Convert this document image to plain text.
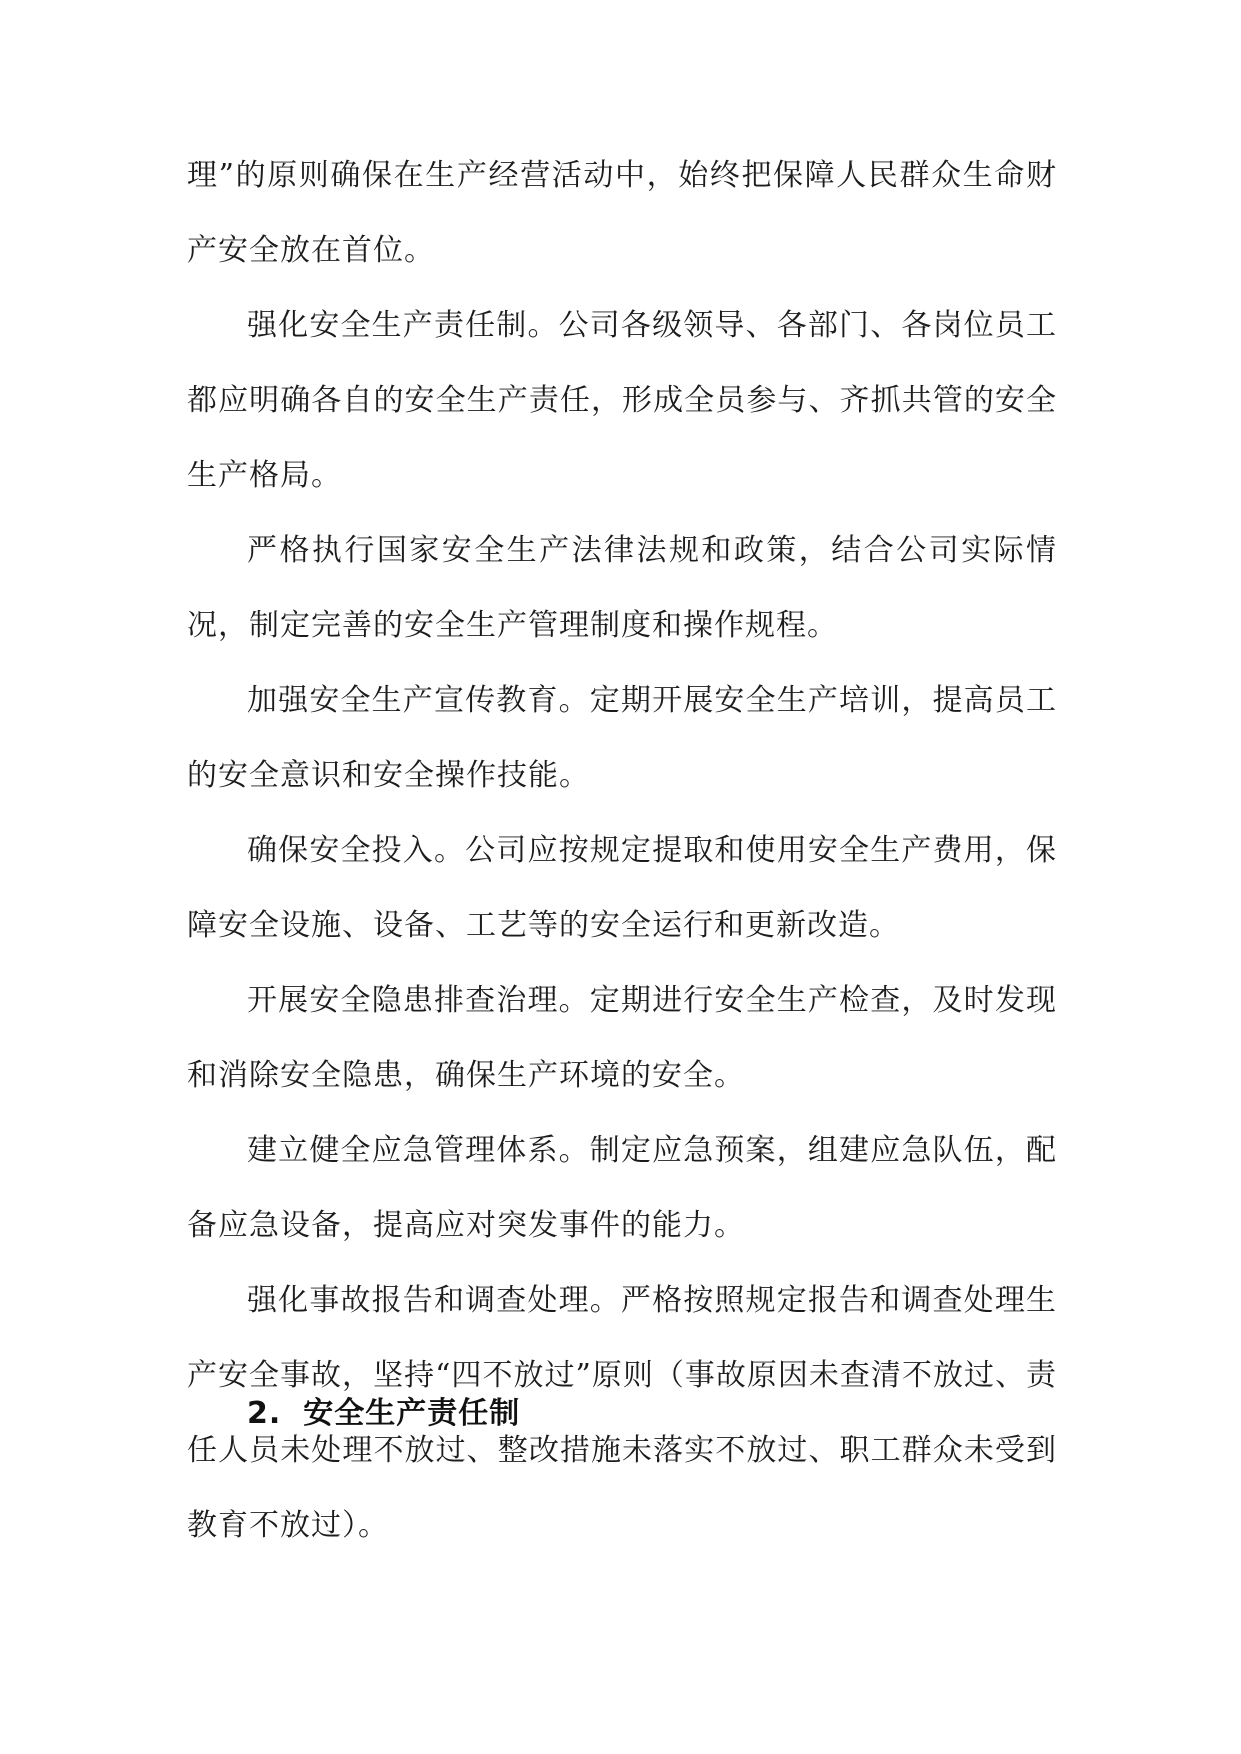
理”的原则确保在生产经营活动中，始终把保障人民群众生命财产安全放在首位。

强化安全生产责任制。公司各级领导、各部门、各岗位员工都应明确各自的安全生产责任，形成全员参与、齐抓共管的安全生产格局。

严格执行国家安全生产法律法规和政策，结合公司实际情况，制定完善的安全生产管理制度和操作规程。

加强安全生产宣传教育。定期开展安全生产培训，提高员工的安全意识和安全操作技能。

确保安全投入。公司应按规定提取和使用安全生产费用，保障安全设施、设备、工艺等的安全运行和更新改造。

开展安全隐患排查治理。定期进行安全生产检查，及时发现和消除安全隐患，确保生产环境的安全。

建立健全应急管理体系。制定应急预案，组建应急队伍，配备应急设备，提高应对突发事件的能力。

强化事故报告和调查处理。严格按照规定报告和调查处理生产安全事故，坚持“四不放过”原则（事故原因未查清不放过、责任人员未处理不放过、整改措施未落实不放过、职工群众未受到教育不放过）。

2. 安全生产责任制
